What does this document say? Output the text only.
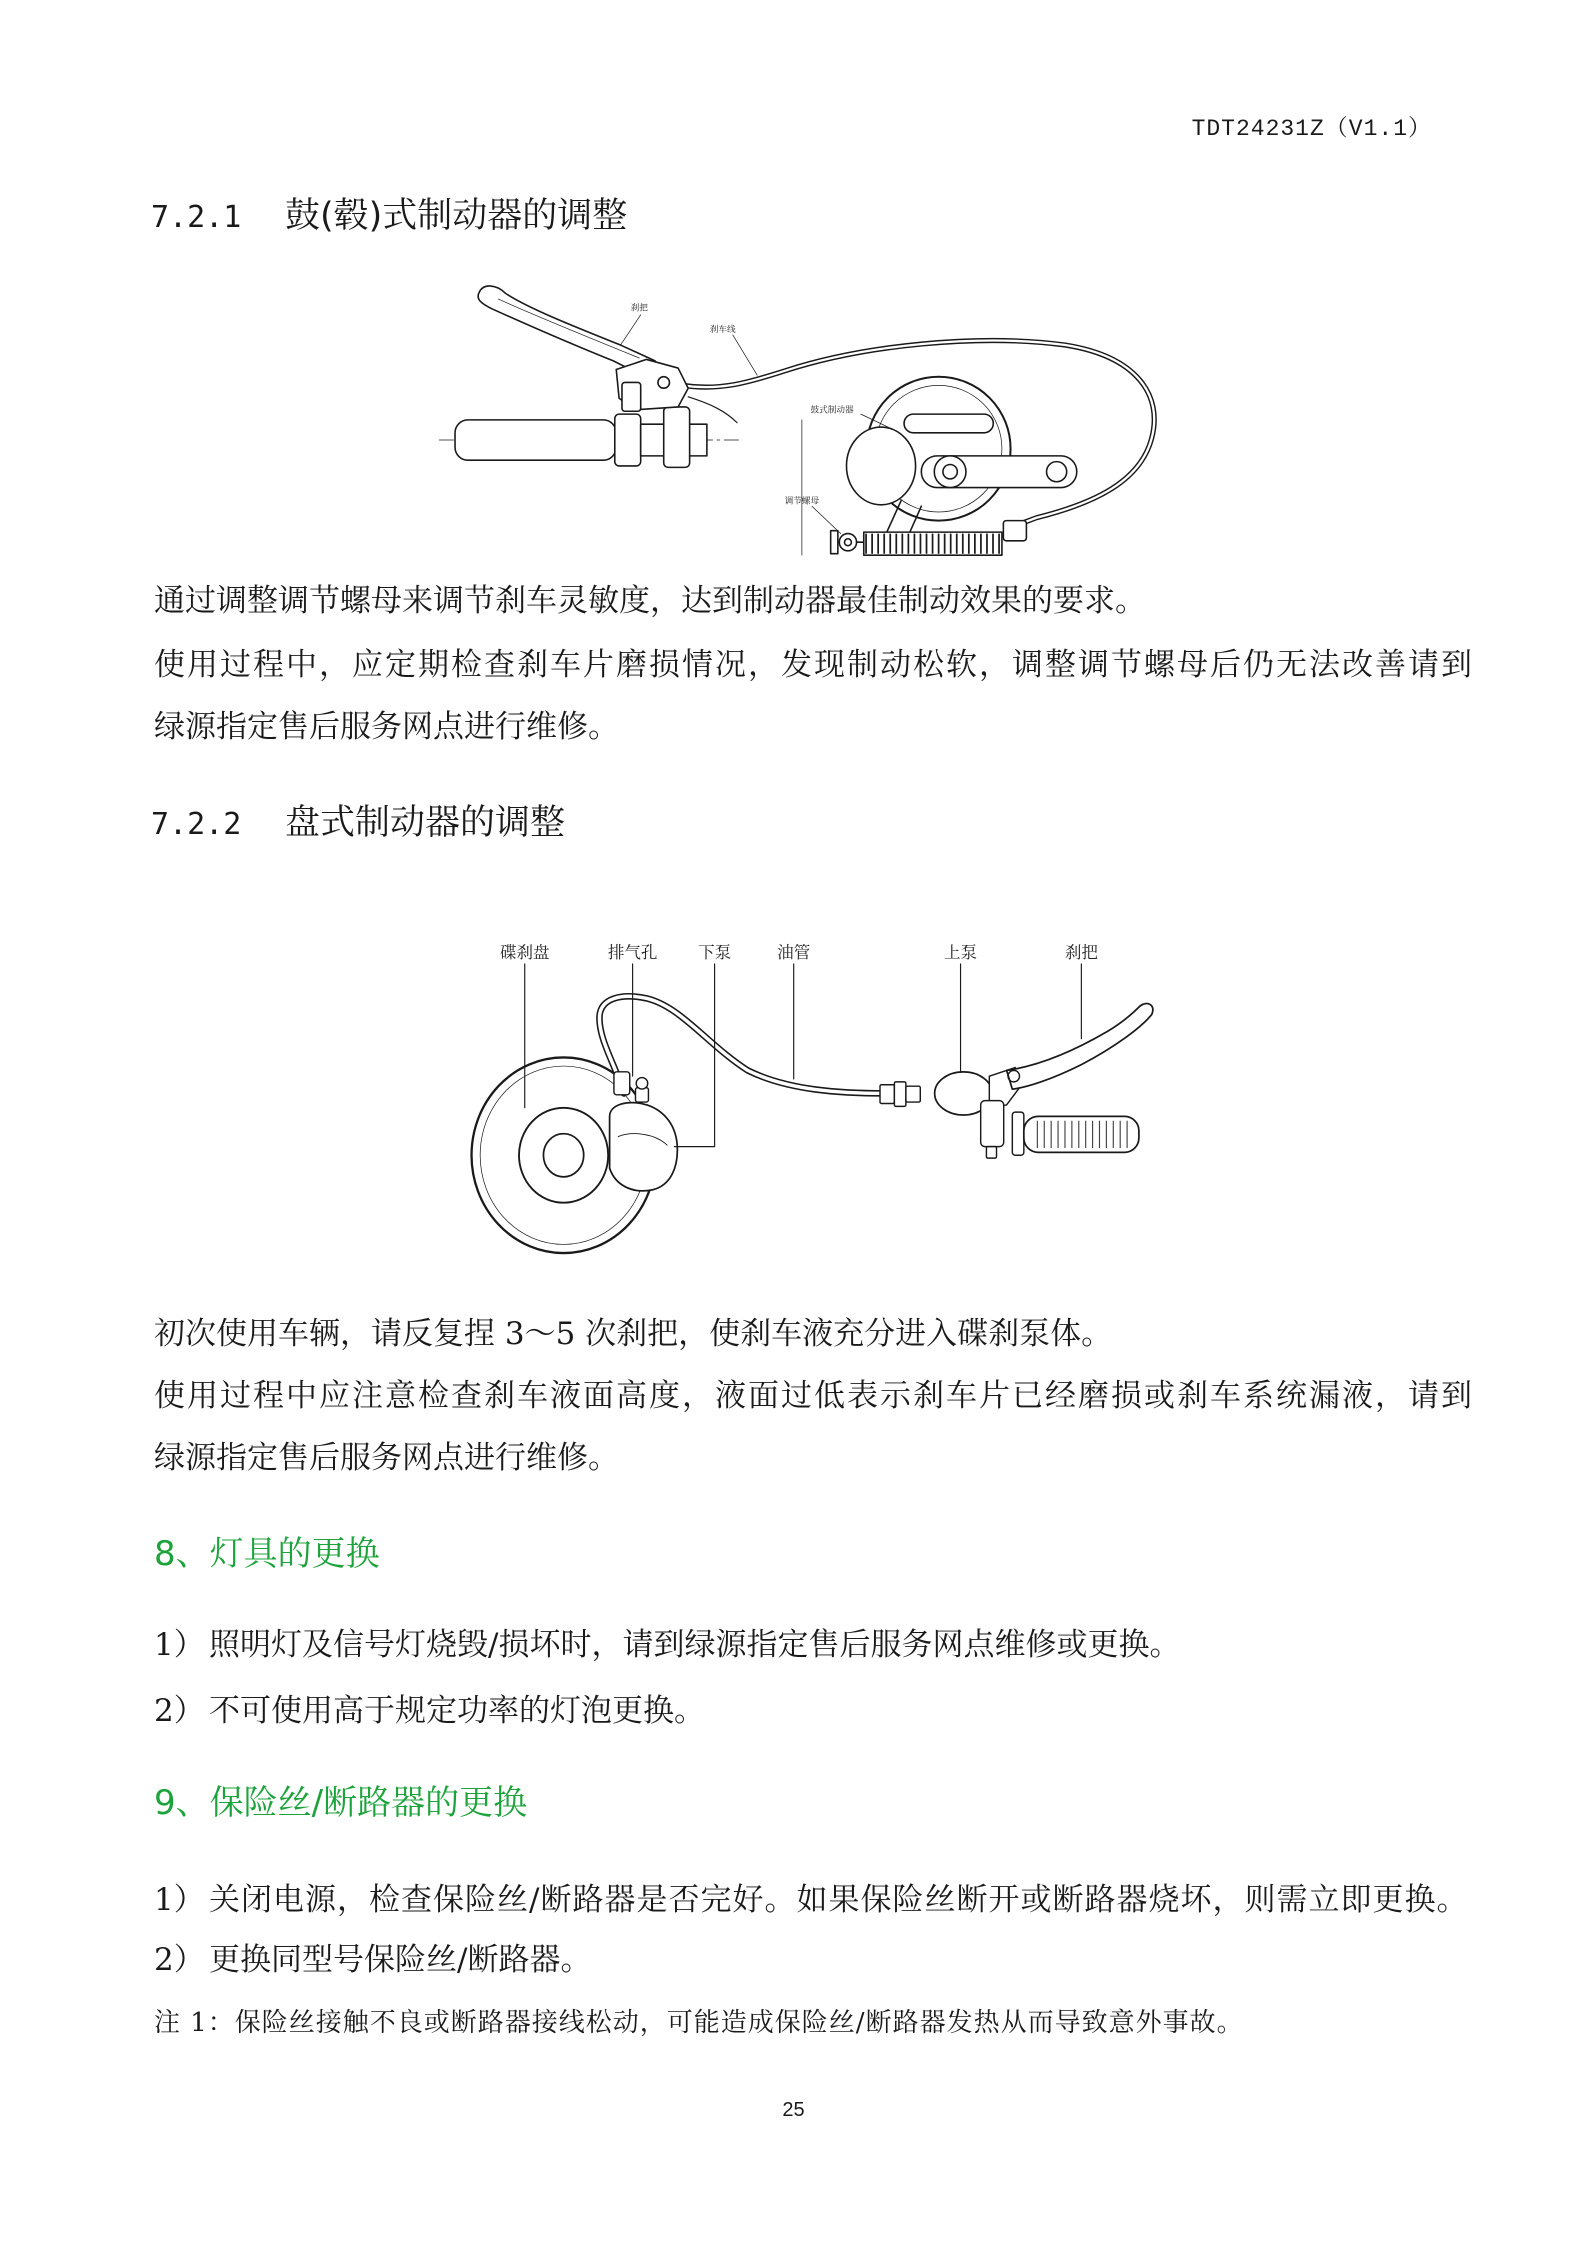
TDT24231Z（V1.1）
7.2.1 鼓(毂)式制动器的调整
刹把
刹车线
鼓式制动器
调节螺母

通过调整调节螺母来调节刹车灵敏度，达到制动器最佳制动效果的要求。

使用过程中，应定期检查刹车片磨损情况，发现制动松软，调整调节螺母后仍无法改善请到
绿源指定售后服务网点进行维修。

7.2.2 盘式制动器的调整
碟刹盘	排气孔	下泵	油管	上泵	刹把

初次使用车辆，请反复捏 3～5 次刹把，使刹车液充分进入碟刹泵体。

使用过程中应注意检查刹车液面高度，液面过低表示刹车片已经磨损或刹车系统漏液，请到
绿源指定售后服务网点进行维修。

8、灯具的更换
1） 照明灯及信号灯烧毁/损坏时，请到绿源指定售后服务网点维修或更换。
2） 不可使用高于规定功率的灯泡更换。
9、保险丝/断路器的更换
1） 关闭电源，检查保险丝/断路器是否完好。如果保险丝断开或断路器烧坏，则需立即更换。
2） 更换同型号保险丝/断路器。
注 1：保险丝接触不良或断路器接线松动，可能造成保险丝/断路器发热从而导致意外事故。
25
